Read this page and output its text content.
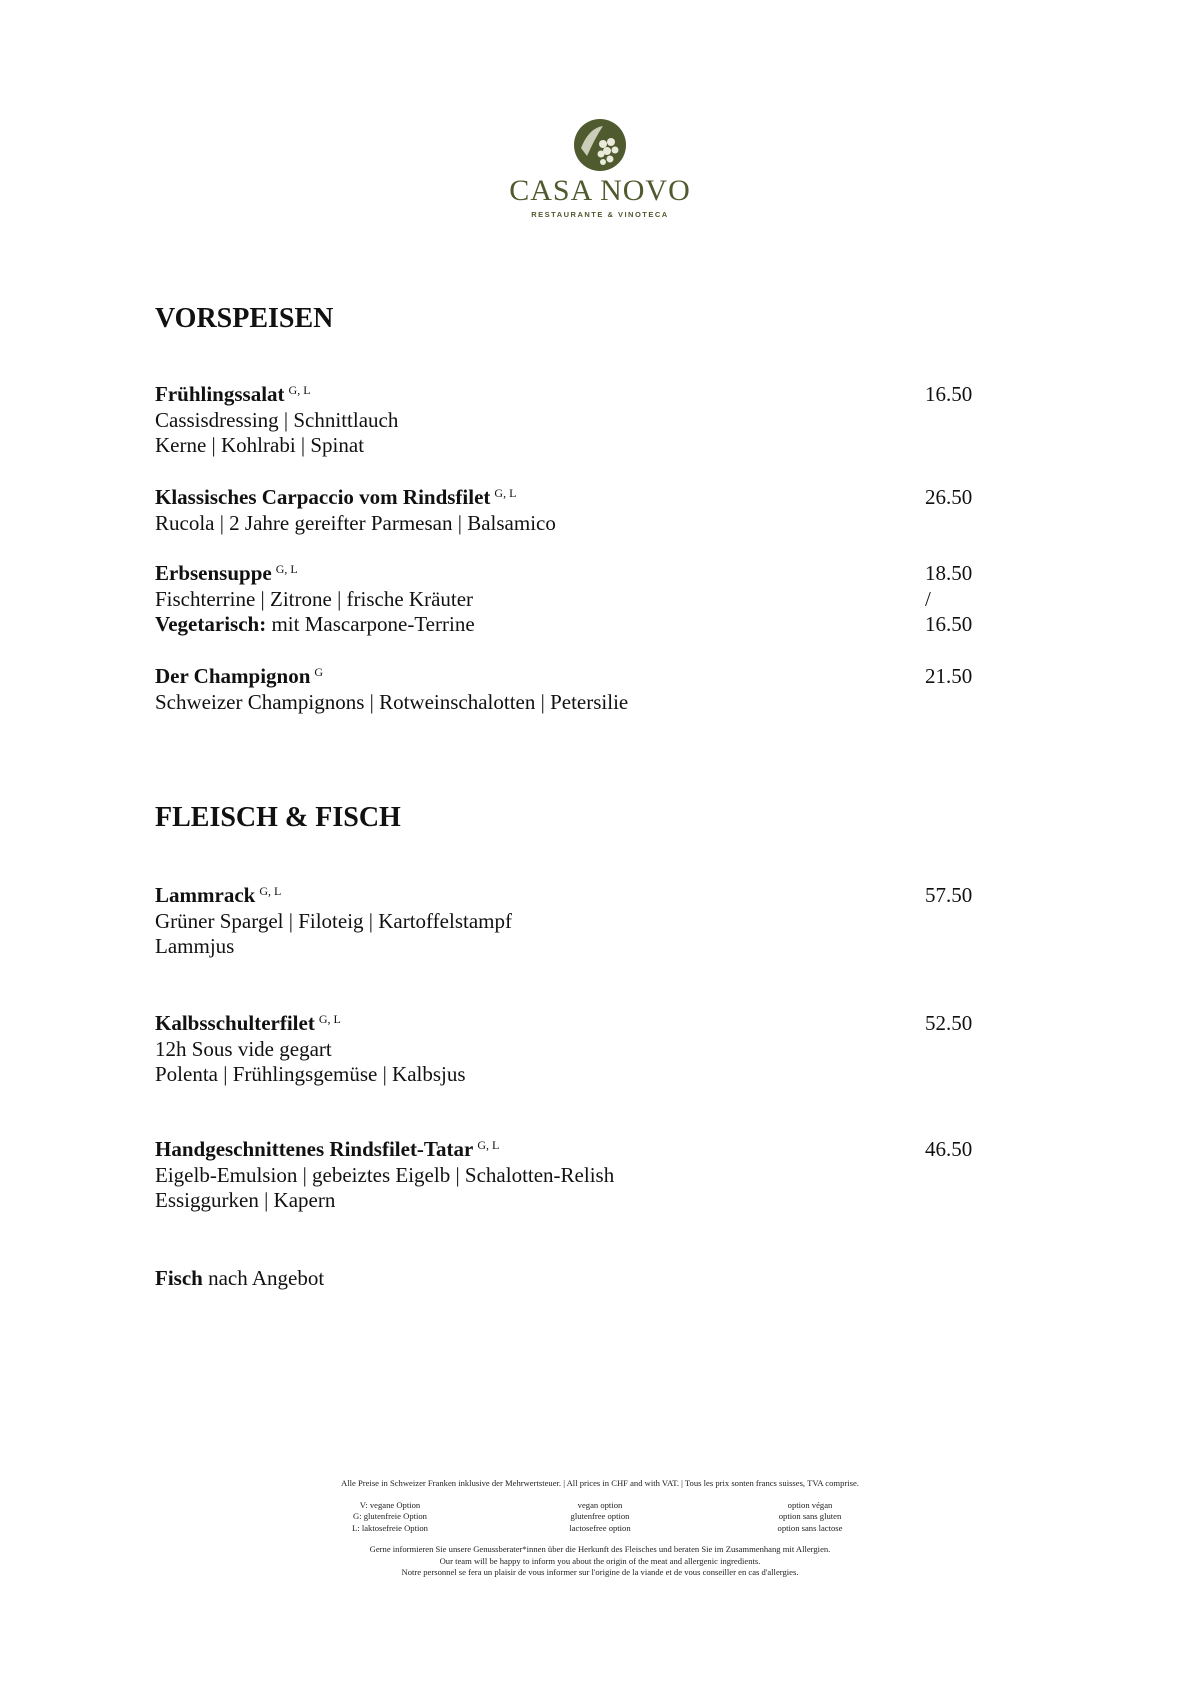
CASA NOVO
RESTAURANTE & VINOTECA
VORSPEISEN
Frühlingssalat $^{G, L}$
Cassisdressing | Schnittlauch
Kerne | Kohlrabi | Spinat
16.50
Klassisches Carpaccio vom Rindsfilet $^{G, L}$
Rucola | 2 Jahre gereifter Parmesan | Balsamico
26.50
Erbsensuppe $^{G, L}$
Fischterrine | Zitrone | frische Kräuter
Vegetarisch: mit Mascarpone-Terrine
18.50 / 16.50
Der Champignon $^G$
Schweizer Champignons | Rotweinschalotten | Petersilie
21.50
FLEISCH & FISCH
Lammrack $^{G, L}$
Grüner Spargel | Filoteig | Kartoffelstampf
Lammjus
57.50
Kalbsschulterfilet $^{G, L}$
12h Sous vide gegart
Polenta | Frühlingsgemüse | Kalbsjus
52.50
Handgeschnittenes Rindsfilet-Tatar $^{G, L}$
Eigelb-Emulsion | gebeiztes Eigelb | Schalotten-Relish
Essiggurken | Kapern
46.50
Fisch nach Angebot
Alle Preise in Schweizer Franken inklusive der Mehrwertsteuer. | All prices in CHF and with VAT. | Tous les prix sonten francs suisses, TVA comprise.
V: vegane Option
G: glutenfreie Option
L: laktosefreie Option
vegan option
glutenfree option
lactosefree option
option végan
option sans gluten
option sans lactose
Gerne informieren Sie unsere Genussberater*innen über die Herkunft des Fleisches und beraten Sie im Zusammenhang mit Allergien.
Our team will be happy to inform you about the origin of the meat and allergenic ingredients.
Notre personnel se fera un plaisir de vous informer sur l'origine de la viande et de vous conseiller en cas d'allergies.
